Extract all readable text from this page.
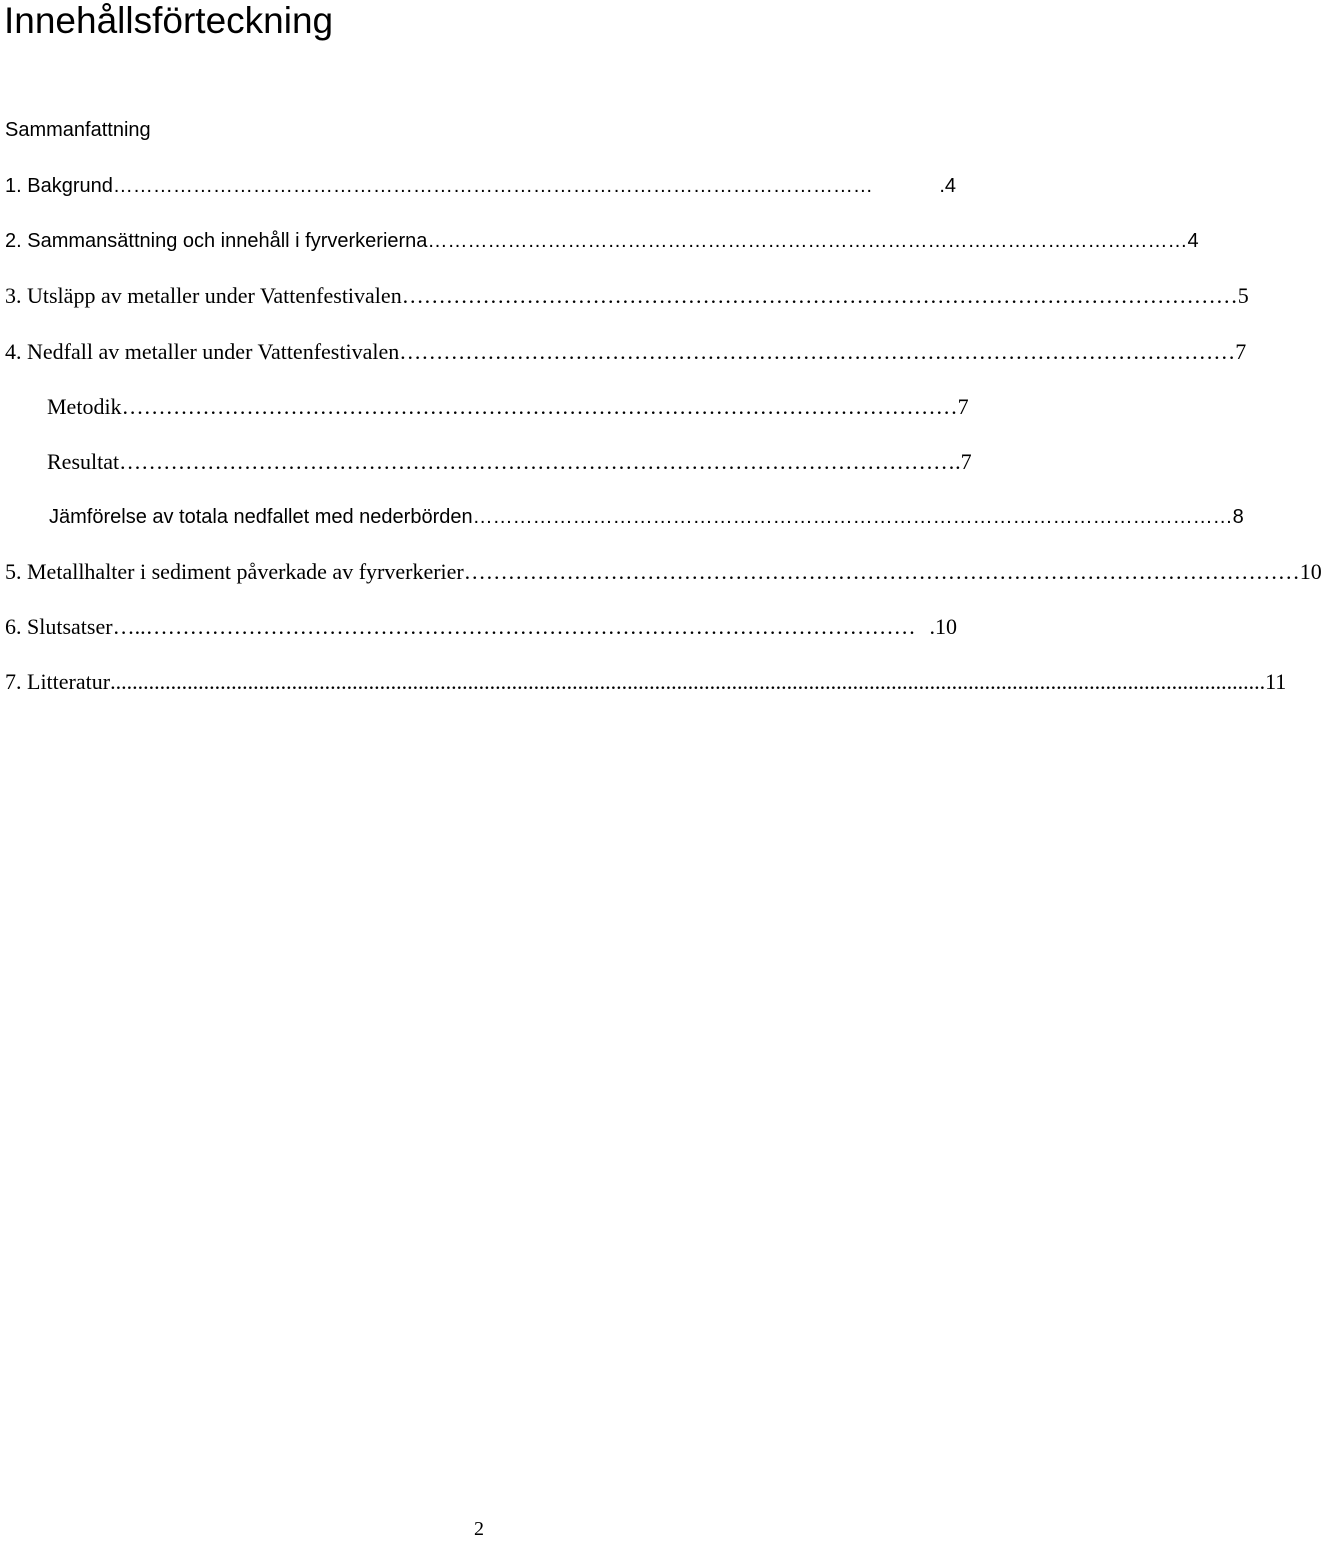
Innehållsförteckning
Sammanfattning
1. Bakgrund ……………………………………………………………………………………………………	.4
2. Sammansättning och innehåll i fyrverkerierna …………………………………………………………………………………………………… 4
3. Utsläpp av metaller under Vattenfestivalen …………………………………………………………………………………………………… 5
4. Nedfall av metaller under Vattenfestivalen …………………………………………………………………………………………………… 7
Metodik …………………………………………………………………………………………………… 7
Resultat …………………………………………………………………………………………………… .7
Jämförelse av totala nedfallet med nederbörden …………………………………………………………………………………………………… 8
5. Metallhalter i sediment påverkade av fyrverkerier …………………………………………………………………………………………………… 10
6. Slutsatser …..…………………………………………………………………………………………… .10
7. Litteratur .................................................................................................................................................................................................................. 11
2
